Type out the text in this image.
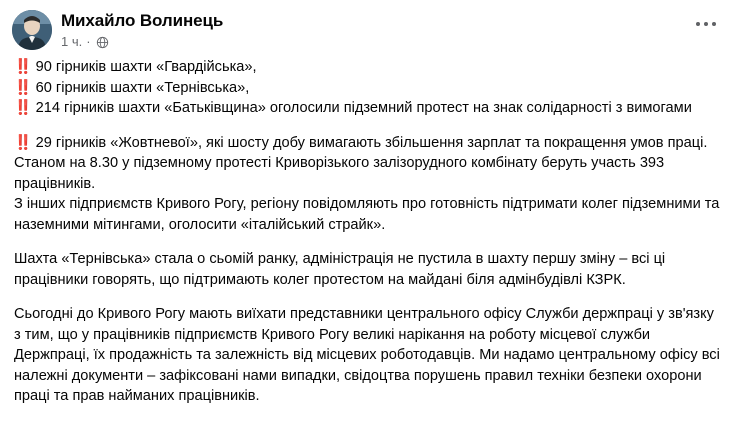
Михайло Волинець
1 ч. ·
‼️ 90 гірників шахти «Гвардійська»,
‼️ 60 гірників шахти «Тернівська»,
‼️ 214 гірників шахти «Батьківщина» оголосили підземний протест на знак солідарності з вимогами
‼️ 29 гірників «Жовтневої», які шосту добу вимагають збільшення зарплат та покращення умов праці.
Станом на 8.30 у підземному протесті Криворізького залізорудного комбінату беруть участь 393 працівників.
З інших підприємств Кривого Рогу, регіону повідомляють про готовність підтримати колег підземними та наземними мітингами, оголосити «італійський страйк».
Шахта «Тернівська» стала о сьомій ранку, адміністрація не пустила в шахту першу зміну – всі ці працівники говорять, що підтримають колег протестом на майдані біля адмінбудівлі КЗРК.
Сьогодні до Кривого Рогу мають виїхати представники центрального офісу Служби держпраці у зв'язку з тим, що у працівників підприємств Кривого Рогу великі нарікання на роботу місцевої служби Держпраці, їх продажність та залежність від місцевих роботодавців. Ми надамо центральному офісу всі належні документи – зафіксовані нами випадки, свідоцтва порушень правил техніки безпеки охорони праці та прав найманих працівників.
